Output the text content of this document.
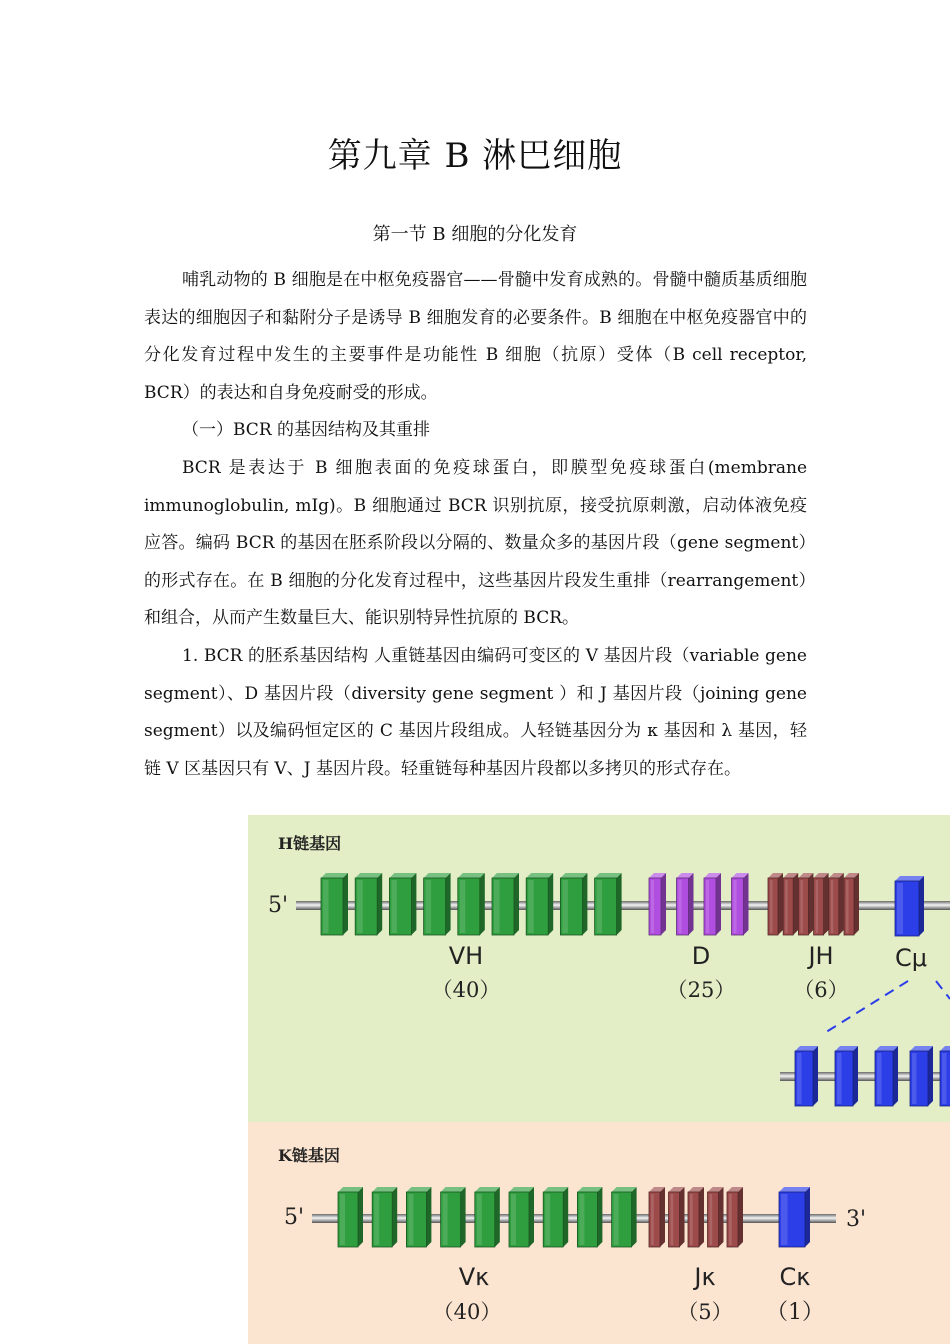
第九章 B 淋巴细胞
第一节 B 细胞的分化发育

哺乳动物的 B 细胞是在中枢免疫器官——骨髓中发育成熟的。骨髓中髓质基质细胞表达的细胞因子和黏附分子是诱导 B 细胞发育的必要条件。B 细胞在中枢免疫器官中的分化发育过程中发生的主要事件是功能性 B 细胞（抗原）受体（B cell receptor, BCR）的表达和自身免疫耐受的形成。

（一）BCR 的基因结构及其重排

BCR 是表达于 B 细胞表面的免疫球蛋白，即膜型免疫球蛋白(membrane immunoglobulin, mIg)。B 细胞通过 BCR 识别抗原，接受抗原刺激，启动体液免疫应答。编码 BCR 的基因在胚系阶段以分隔的、数量众多的基因片段（gene segment）的形式存在。在 B 细胞的分化发育过程中，这些基因片段发生重排（rearrangement）和组合，从而产生数量巨大、能识别特异性抗原的 BCR。

1. BCR 的胚系基因结构 人重链基因由编码可变区的 V 基因片段（variable gene segment）、D 基因片段（diversity gene segment ）和 J 基因片段（joining gene segment）以及编码恒定区的 C 基因片段组成。人轻链基因分为 κ 基因和 λ 基因，轻链 V 区基因只有 V、J 基因片段。轻重链每种基因片段都以多拷贝的形式存在。

H链基因
5'
VH
（40）
D
（25）
JH
（6）
Cμ
K链基因
5'	3'
Vκ
（40）
Jκ
（5）
Cκ
（1）
